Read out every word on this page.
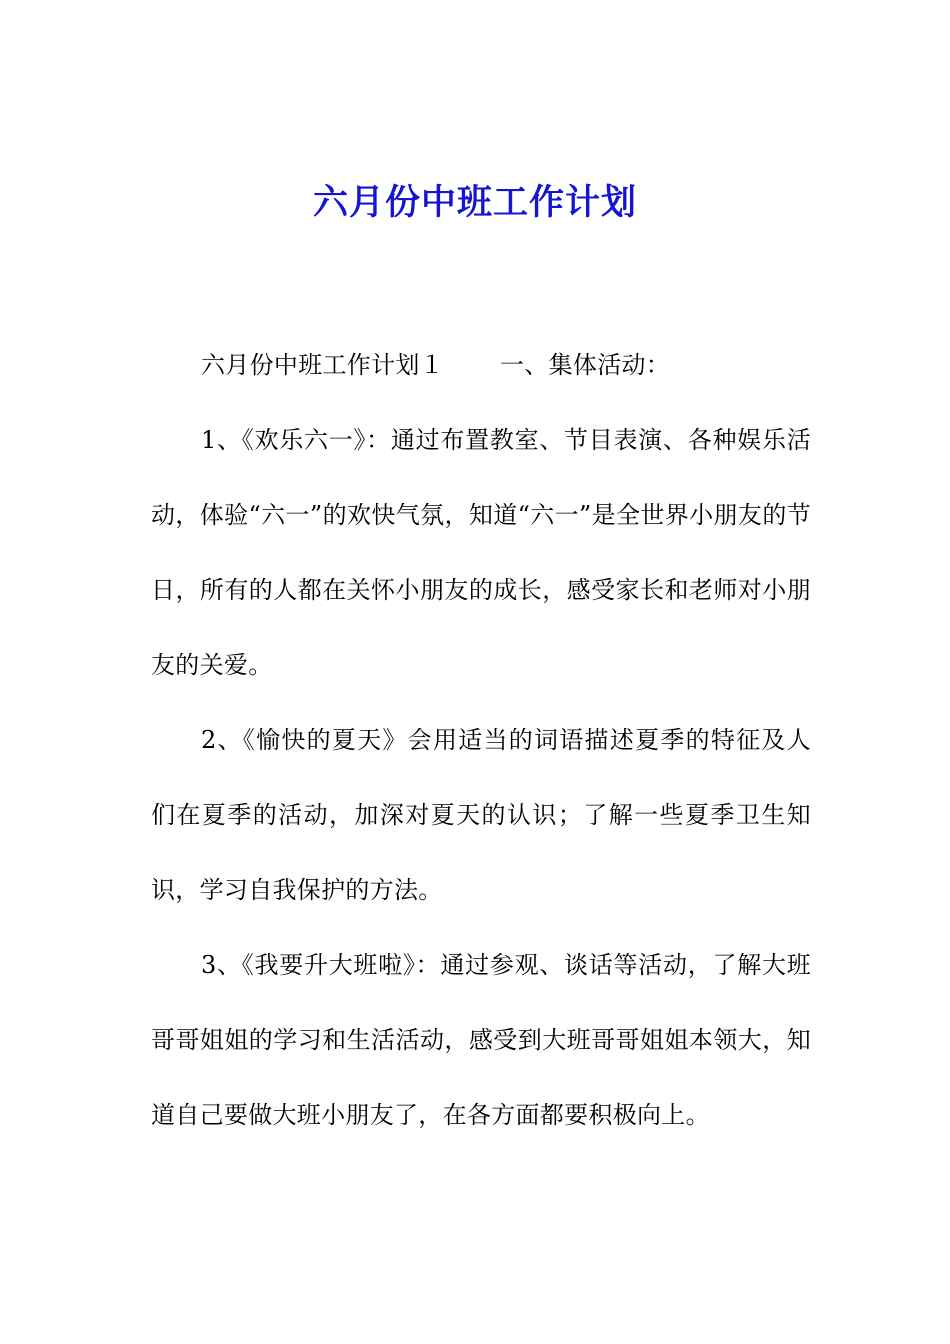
六月份中班工作计划

六月份中班工作计划１ 一、集体活动：

1、《欢乐六一》：通过布置教室、节目表演、各种娱乐活动，体验“六一”的欢快气氛，知道“六一”是全世界小朋友的节日，所有的人都在关怀小朋友的成长，感受家长和老师对小朋友的关爱。

2、《愉快的夏天》会用适当的词语描述夏季的特征及人们在夏季的活动，加深对夏天的认识；了解一些夏季卫生知识，学习自我保护的方法。

3、《我要升大班啦》：通过参观、谈话等活动，了解大班哥哥姐姐的学习和生活活动，感受到大班哥哥姐姐本领大，知道自己要做大班小朋友了，在各方面都要积极向上。
